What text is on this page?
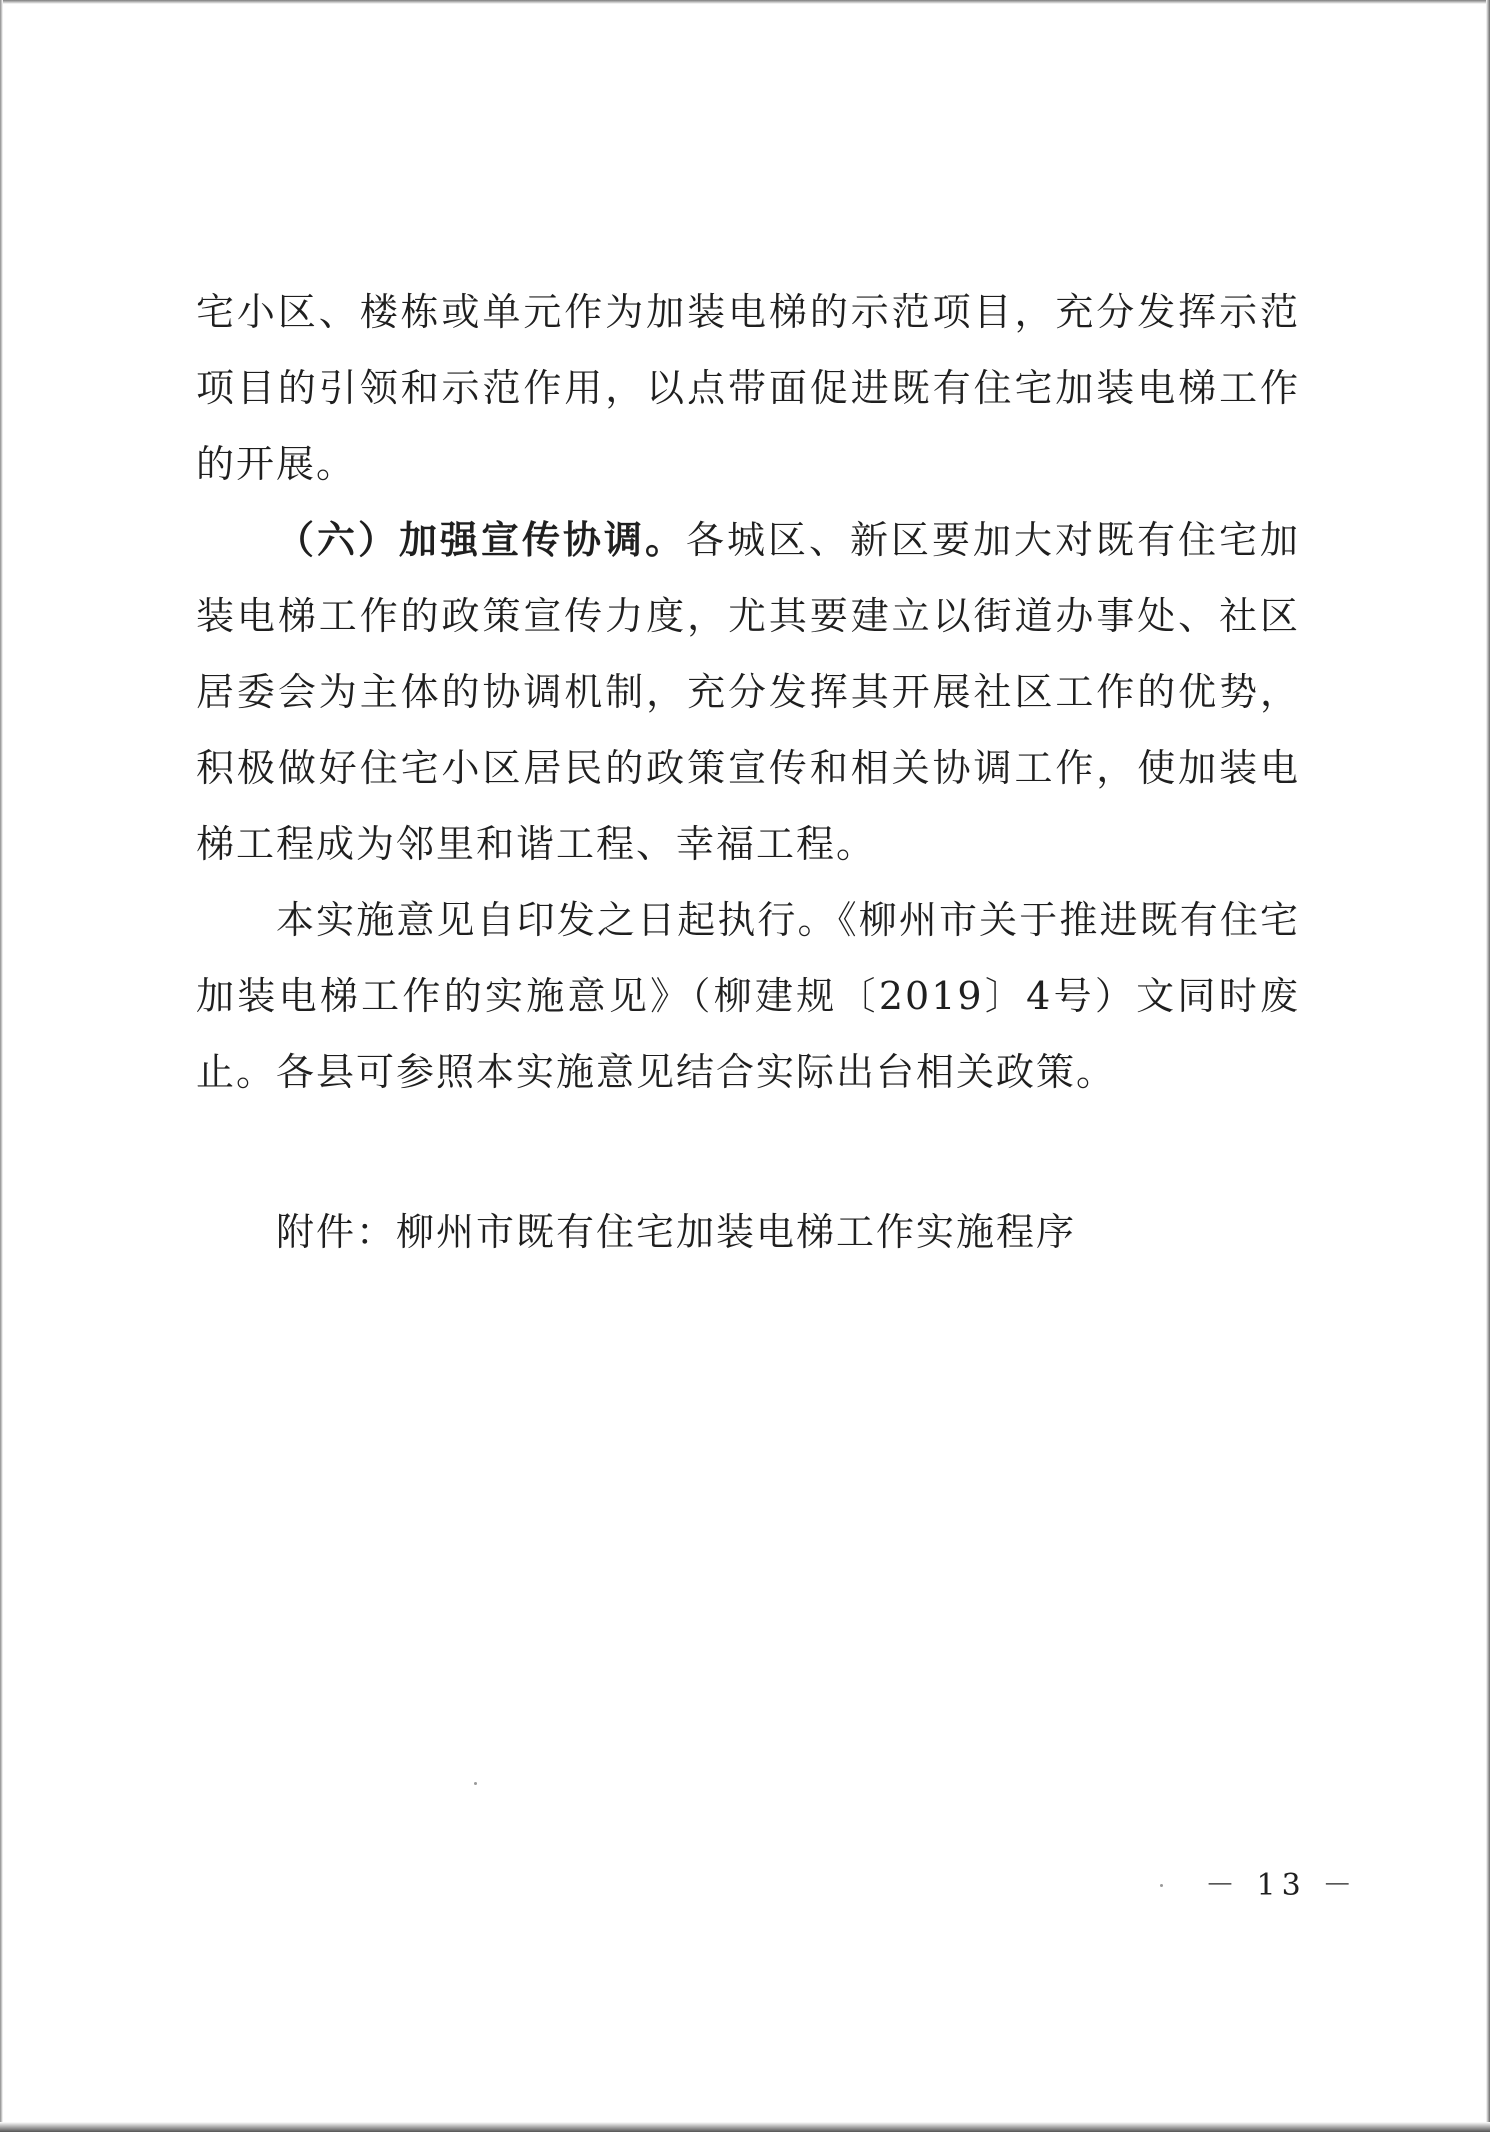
宅小区、楼栋或单元作为加装电梯的示范项目，充分发挥示范项目的引领和示范作用，以点带面促进既有住宅加装电梯工作的开展。

（六）加强宣传协调。各城区、新区要加大对既有住宅加装电梯工作的政策宣传力度，尤其要建立以街道办事处、社区居委会为主体的协调机制，充分发挥其开展社区工作的优势，积极做好住宅小区居民的政策宣传和相关协调工作，使加装电梯工程成为邻里和谐工程、幸福工程。

本实施意见自印发之日起执行。《柳州市关于推进既有住宅加装电梯工作的实施意见》（柳建规〔2019〕4号）文同时废止。各县可参照本实施意见结合实际出台相关政策。

附件：柳州市既有住宅加装电梯工作实施程序
－ 13 －
